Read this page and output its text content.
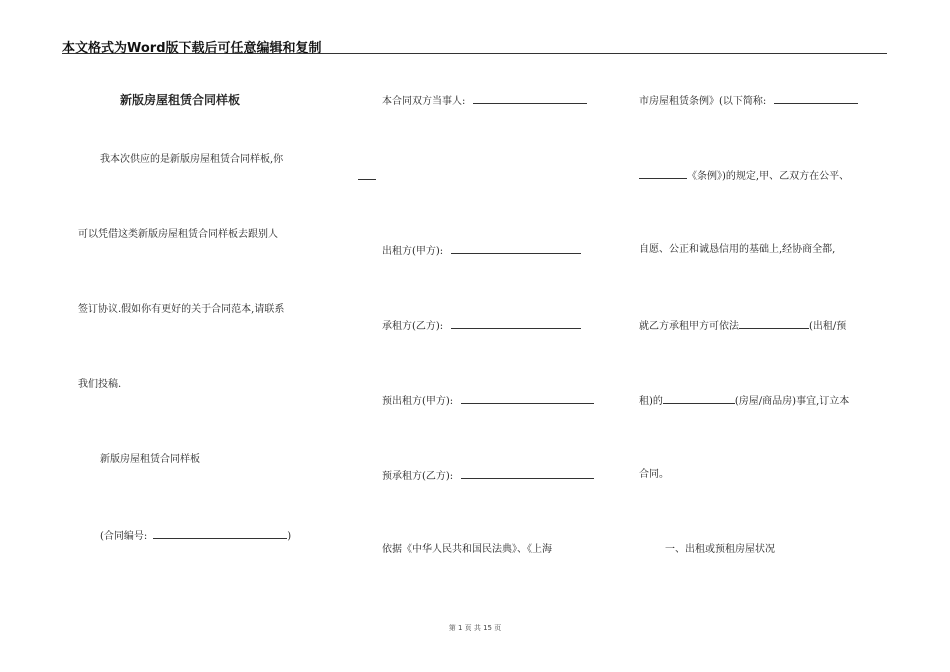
本文格式为Word版下载后可任意编辑和复制
新版房屋租赁合同样板
我本次供应的是新版房屋租赁合同样板,你
可以凭借这类新版房屋租赁合同样板去跟别人
签订协议.假如你有更好的关于合同范本,请联系
我们投稿.
新版房屋租赁合同样板
(合同编号:	)
本合同双方当事人:
出租方(甲方):
承租方(乙方):
预出租方(甲方):
预承租方(乙方):
依据《中华人民共和国民法典》、《上海
市房屋租赁条例》(以下简称:
《条例》)的规定,甲、乙双方在公平、
自愿、公正和诚恳信用的基础上,经协商全都,
就乙方承租甲方可依法	(出租/预
租)的	(房屋/商品房)事宜,订立本
合同。
一、出租或预租房屋状况
第 1 页 共 15 页
